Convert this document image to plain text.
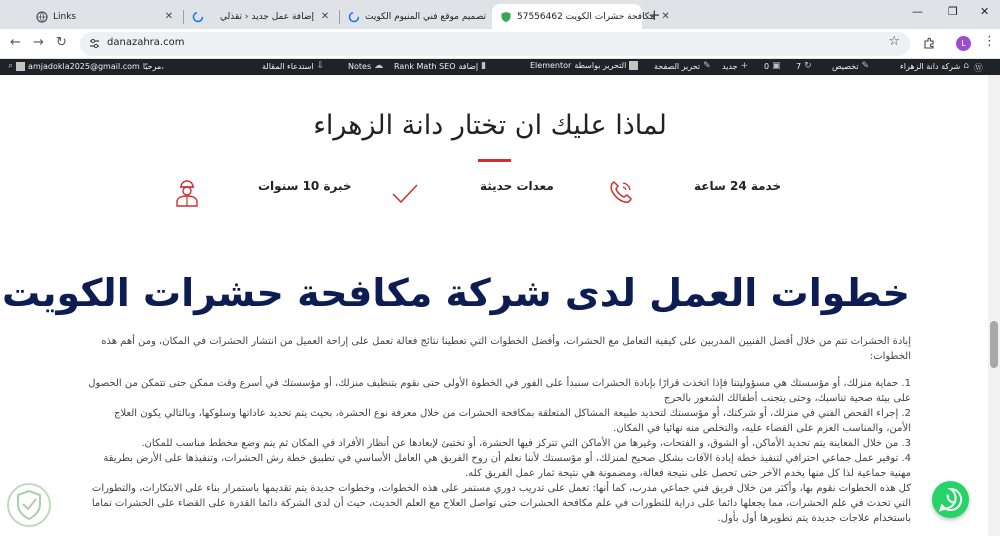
Links	✕	إضافة عمل جديد ‹ تقذلي ✕	تصميم موقع فني المنيوم الكويت	مكافحة حشرات الكويت 57556462 ✕
+	— ❐ ✕
← → ↻	danazahra.com	☆	L	⋮
Ⓦ
شركة دانة الزهراء ⌂
تخصيص ✎
7 ↻
0 ▣
جديد +
تحرير الصفحة ✎
Elementor التحرير بواسطة
Rank Math SEO إضافة ▮
Notes ☁
استدعاء المقالة ⇩
⌕ amjadokla2025@gmail.com مرحبًا،
لماذا عليك ان تختار دانة الزهراء
خدمة 24 ساعة
معدات حديثة
خبرة 10 سنوات
خطوات العمل لدى شركة مكافحة حشرات الكويت
إبادة الحشرات تتم من خلال أفضل الفنيين المدربين على كيفية التعامل مع الحشرات، وأفضل الخطوات التي تعطينا نتائج فعالة تعمل على إراحة العميل من انتشار الحشرات في المكان، ومن أهم هذه الخطوات:
1. حماية منزلك، أو مؤسستك هي مسؤوليتنا فإذا اتخذت قرارًا بإبادة الحشرات سنبدأ على الفور في الخطوة الأولى حتى نقوم بتنظيف منزلك، أو مؤسستك في أسرع وقت ممكن حتى تتمكن من الحصول على بيئة صحية تناسبك، وحتى يتجنب أطفالك الشعور بالحرج
2. إجراء الفحص الفني في منزلك، أو شركتك، أو مؤسستك لتحديد طبيعة المشاكل المتعلقة بمكافحة الحشرات من خلال معرفة نوع الحشرة، بحيث يتم تحديد عاداتها وسلوكها، وبالتالي يكون العلاج الأمن، والمناسب العزم على القضاء عليه، والتخلص منه نهائيا في المكان.
3. من خلال المعاينة يتم تحديد الأماكن، أو الشوق، و الفتحات، وغيرها من الأماكن التي تتركز فيها الحشرة، أو تختبئ لإبعادها عن أنظار الأفراد في المكان ثم يتم وضع مخطط مناسب للمكان.
4. توفير عمل جماعي احترافي لتنفيذ خطة إبادة الآفات بشكل صحيح لمنزلك، أو مؤسستك لأننا نعلم أن روح الفريق هي العامل الأساسي في تطبيق خطة رش الحشرات، وتنفيذها على الأرض بطريقة مهنية جماعية لذا كل منها يخدم الآخر حتى تحصل على نتيجة فعالة، ومضمونة هي نتيجة ثمار عمل الفريق كله.
كل هذه الخطوات نقوم بها، وأكثر من خلال فريق فني جماعي مدرب، كما أنها: تعمل على تدريب دوري مستمر على هذه الخطوات، وخطوات جديدة يتم تقديمها باستمرار بناء على الابتكارات، والتطورات التي تحدث في علم الحشرات، مما يجعلها دائما على دراية للتطورات في علم مكافحة الحشرات حتى تواصل العلاج مع العلم الحديث، حيث أن لدى الشركة دائما القدرة على القضاء على الحشرات تماما باستخدام علاجات جديدة يتم تطويرها أول بأول.
